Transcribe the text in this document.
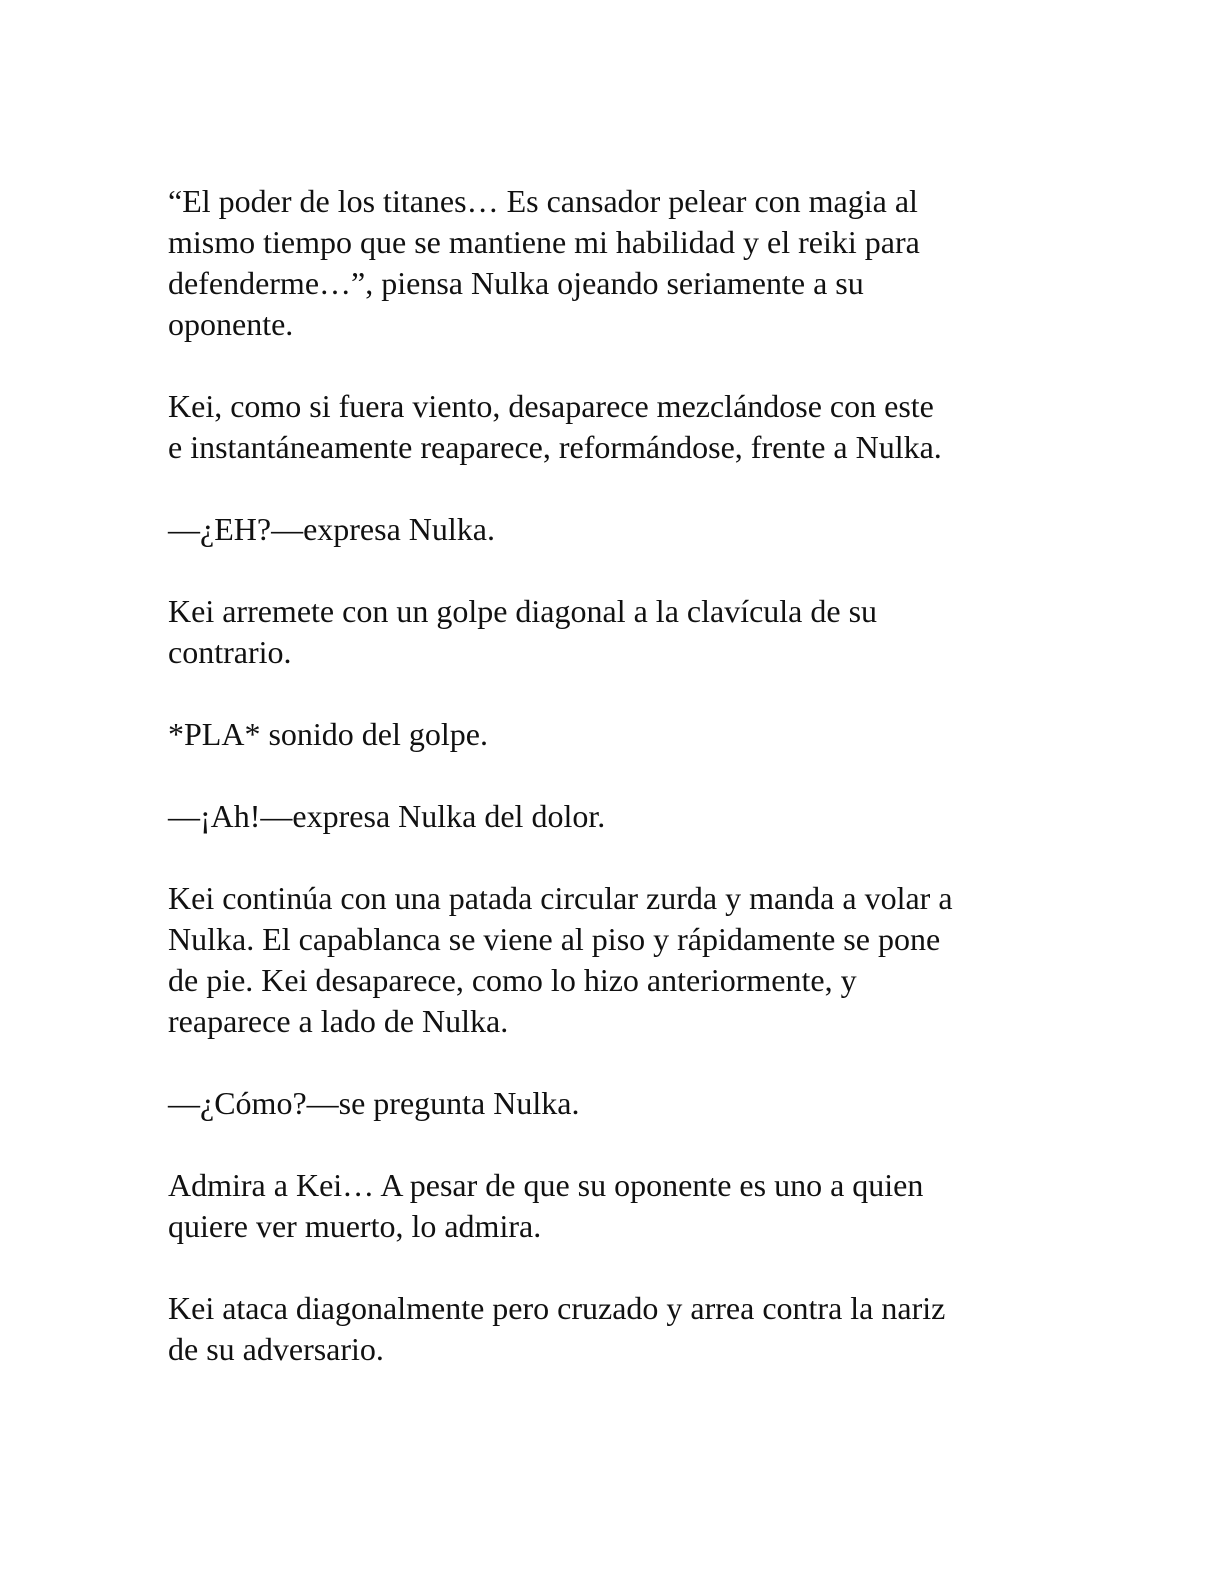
“El poder de los titanes… Es cansador pelear con magia al
mismo tiempo que se mantiene mi habilidad y el reiki para
defenderme…”, piensa Nulka ojeando seriamente a su
oponente.

Kei, como si fuera viento, desaparece mezclándose con este
e instantáneamente reaparece, reformándose, frente a Nulka.

—¿EH?—expresa Nulka.

Kei arremete con un golpe diagonal a la clavícula de su
contrario.

*PLA* sonido del golpe.

—¡Ah!—expresa Nulka del dolor.

Kei continúa con una patada circular zurda y manda a volar a
Nulka. El capablanca se viene al piso y rápidamente se pone
de pie. Kei desaparece, como lo hizo anteriormente, y
reaparece a lado de Nulka.

—¿Cómo?—se pregunta Nulka.

Admira a Kei… A pesar de que su oponente es uno a quien
quiere ver muerto, lo admira.

Kei ataca diagonalmente pero cruzado y arrea contra la nariz
de su adversario.
